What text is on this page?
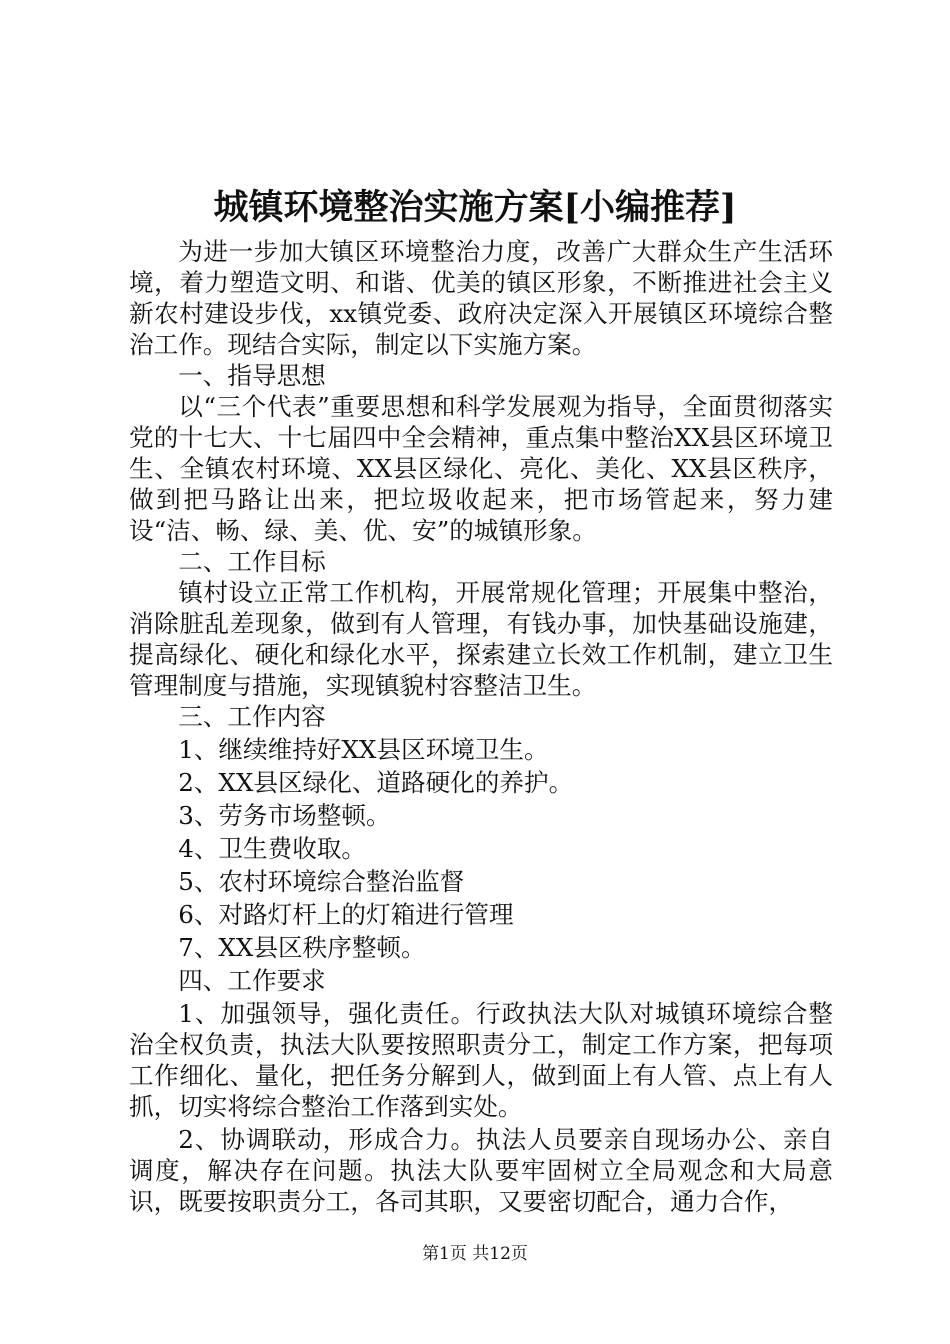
城镇环境整治实施方案[小编推荐]

为进一步加大镇区环境整治力度，改善广大群众生产生活环境，着力塑造文明、和谐、优美的镇区形象，不断推进社会主义新农村建设步伐，xx镇党委、政府决定深入开展镇区环境综合整治工作。现结合实际，制定以下实施方案。

一、指导思想

以“三个代表”重要思想和科学发展观为指导，全面贯彻落实党的十七大、十七届四中全会精神，重点集中整治XX县区环境卫生、全镇农村环境、XX县区绿化、亮化、美化、XX县区秩序，做到把马路让出来，把垃圾收起来，把市场管起来，努力建设“洁、畅、绿、美、优、安”的城镇形象。

二、工作目标

镇村设立正常工作机构，开展常规化管理；开展集中整治，消除脏乱差现象，做到有人管理，有钱办事，加快基础设施建，提高绿化、硬化和绿化水平，探索建立长效工作机制，建立卫生管理制度与措施，实现镇貌村容整洁卫生。

三、工作内容

1、继续维持好XX县区环境卫生。

2、XX县区绿化、道路硬化的养护。

3、劳务市场整顿。

4、卫生费收取。

5、农村环境综合整治监督

6、对路灯杆上的灯箱进行管理

7、XX县区秩序整顿。

四、工作要求

1、加强领导，强化责任。行政执法大队对城镇环境综合整治全权负责，执法大队要按照职责分工，制定工作方案，把每项工作细化、量化，把任务分解到人，做到面上有人管、点上有人抓，切实将综合整治工作落到实处。

2、协调联动，形成合力。执法人员要亲自现场办公、亲自调度，解决存在问题。执法大队要牢固树立全局观念和大局意识，既要按职责分工，各司其职，又要密切配合，通力合作，

第1页 共12页
